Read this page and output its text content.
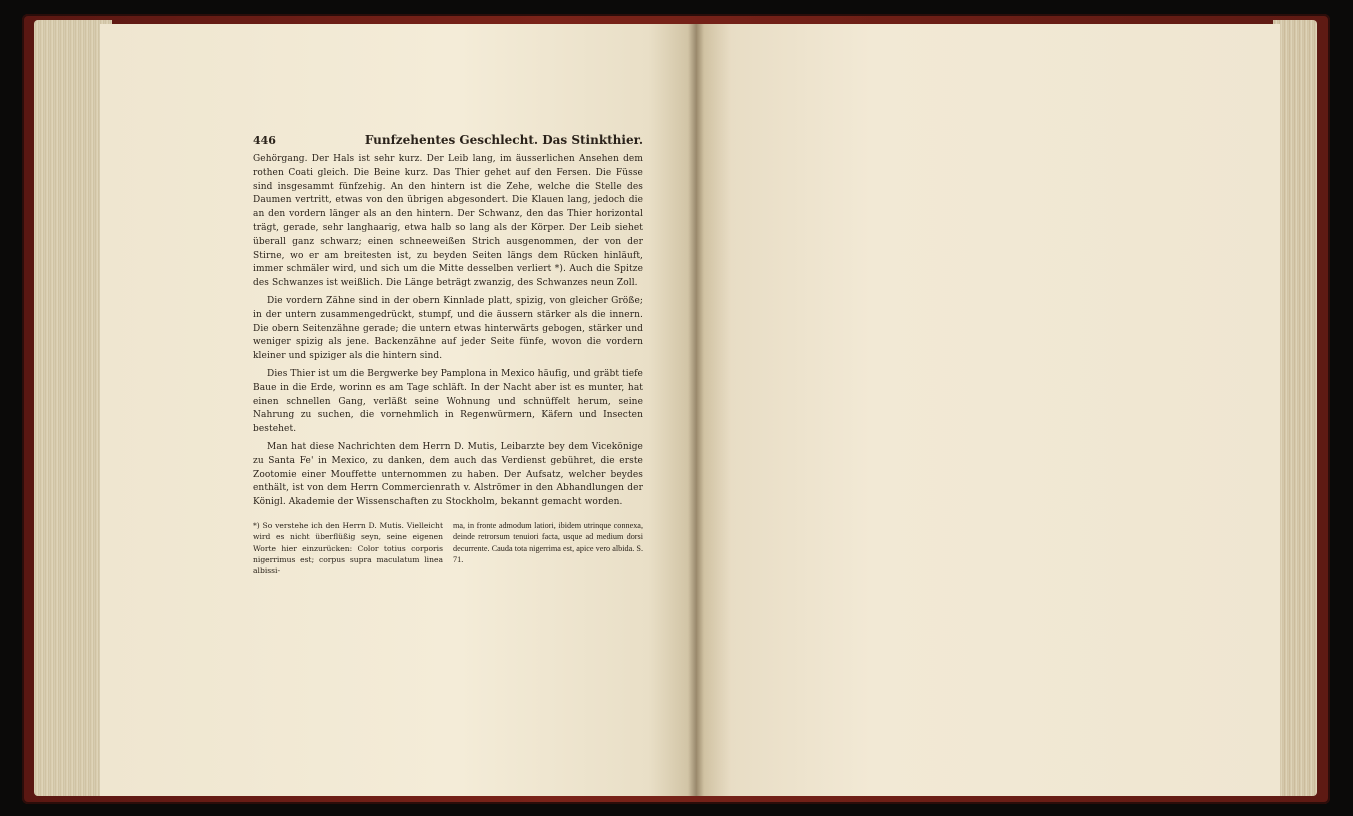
446	Funfzehentes Geschlecht. Das Stinkthier.

Gehörgang. Der Hals ist sehr kurz. Der Leib lang, im äusserlichen Ansehen dem rothen Coati gleich. Die Beine kurz. Das Thier gehet auf den Fersen. Die Füsse sind insgesammt fünfzehig. An den hintern ist die Zehe, welche die Stelle des Daumen vertritt, etwas von den übrigen abgesondert. Die Klauen lang, jedoch die an den vordern länger als an den hintern. Der Schwanz, den das Thier horizontal trägt, gerade, sehr langhaarig, etwa halb so lang als der Körper. Der Leib siehet überall ganz schwarz; einen schneeweißen Strich ausgenommen, der von der Stirne, wo er am breitesten ist, zu beyden Seiten längs dem Rücken hinläuft, immer schmäler wird, und sich um die Mitte desselben verliert *). Auch die Spitze des Schwanzes ist weißlich. Die Länge beträgt zwanzig, des Schwanzes neun Zoll.

Die vordern Zähne sind in der obern Kinnlade platt, spizig, von gleicher Größe; in der untern zusammengedrückt, stumpf, und die äussern stärker als die innern. Die obern Seitenzähne gerade; die untern etwas hinterwärts gebogen, stärker und weniger spizig als jene. Backenzähne auf jeder Seite fünfe, wovon die vordern kleiner und spiziger als die hintern sind.

Dies Thier ist um die Bergwerke bey Pamplona in Mexico häufig, und gräbt tiefe Baue in die Erde, worinn es am Tage schläft. In der Nacht aber ist es munter, hat einen schnellen Gang, verläßt seine Wohnung und schnüffelt herum, seine Nahrung zu suchen, die vornehmlich in Regenwürmern, Käfern und Insecten bestehet.

Man hat diese Nachrichten dem Herrn D. Mutis, Leibarzte bey dem Vicekönige zu Santa Fe' in Mexico, zu danken, dem auch das Verdienst gebühret, die erste Zootomie einer Mouffette unternommen zu haben. Der Aufsatz, welcher beydes enthält, ist von dem Herrn Commercienrath v. Alströmer in den Abhandlungen der Königl. Akademie der Wissenschaften zu Stockholm, bekannt gemacht worden.

*) So verstehe ich den Herrn D. Mutis. Vielleicht wird es nicht überflüßig seyn, seine eigenen Worte hier einzurücken: Color totius corporis nigerrimus est; corpus supra maculatum linea albissi-

ma, in fronte admodum latiori, ibidem utrinque connexa, deinde retrorsum tenuiori facta, usque ad medium dorsi decurrente. Cauda tota nigerrima est, apice vero albida. S. 71.
